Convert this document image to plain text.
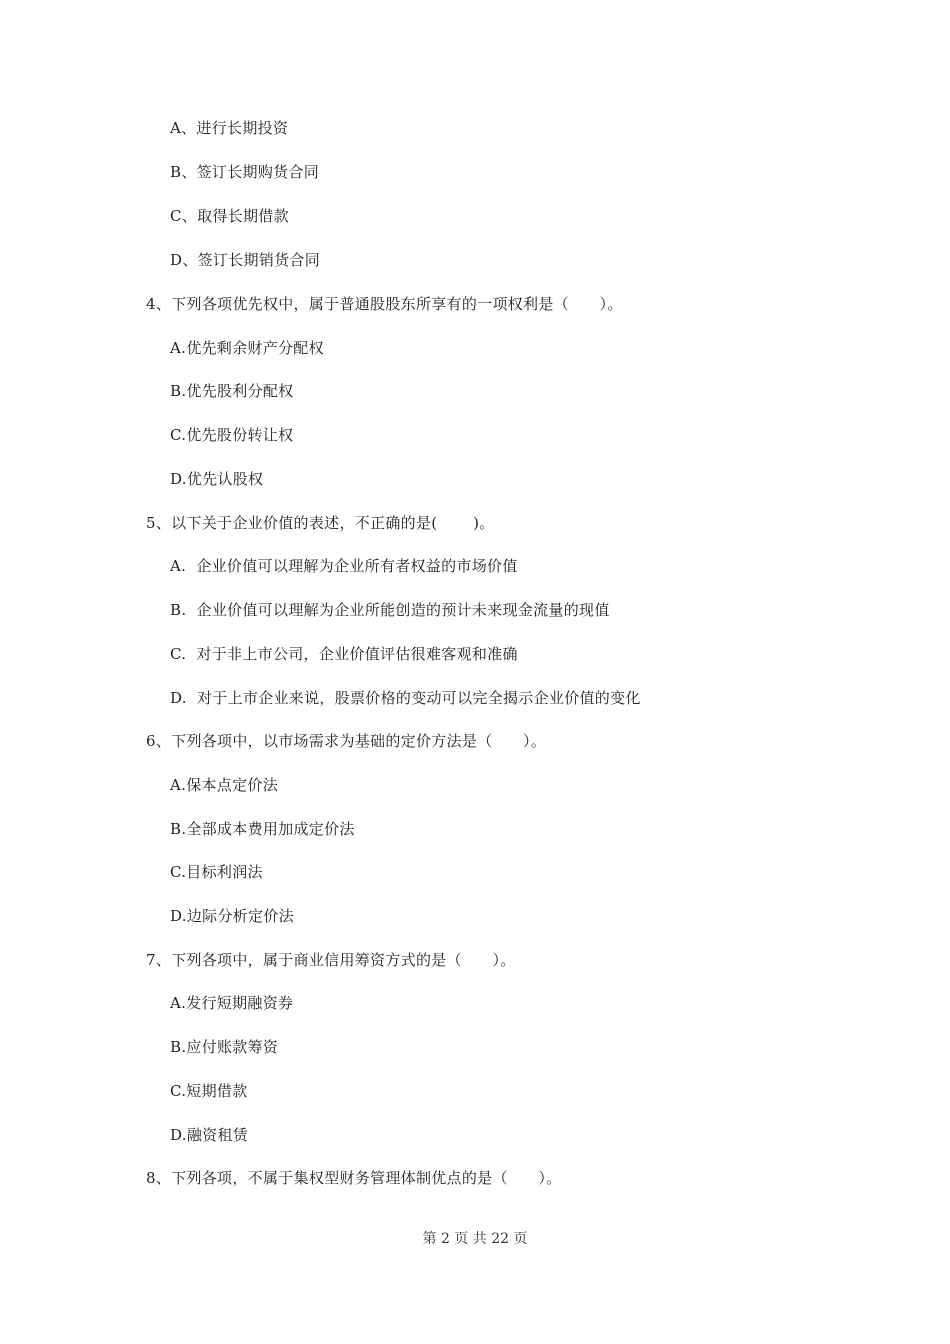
A、进行长期投资
B、签订长期购货合同
C、取得长期借款
D、签订长期销货合同
4、下列各项优先权中，属于普通股股东所享有的一项权利是（　　）。
A.优先剩余财产分配权
B.优先股利分配权
C.优先股份转让权
D.优先认股权
5、以下关于企业价值的表述，不正确的是(　　 )。
A.  企业价值可以理解为企业所有者权益的市场价值
B.  企业价值可以理解为企业所能创造的预计未来现金流量的现值
C.  对于非上市公司，企业价值评估很难客观和准确
D.  对于上市企业来说，股票价格的变动可以完全揭示企业价值的变化
6、下列各项中，以市场需求为基础的定价方法是（　　）。
A.保本点定价法
B.全部成本费用加成定价法
C.目标利润法
D.边际分析定价法
7、下列各项中，属于商业信用筹资方式的是（　　）。
A.发行短期融资券
B.应付账款筹资
C.短期借款
D.融资租赁
8、下列各项，不属于集权型财务管理体制优点的是（　　）。
第 2 页 共 22 页
